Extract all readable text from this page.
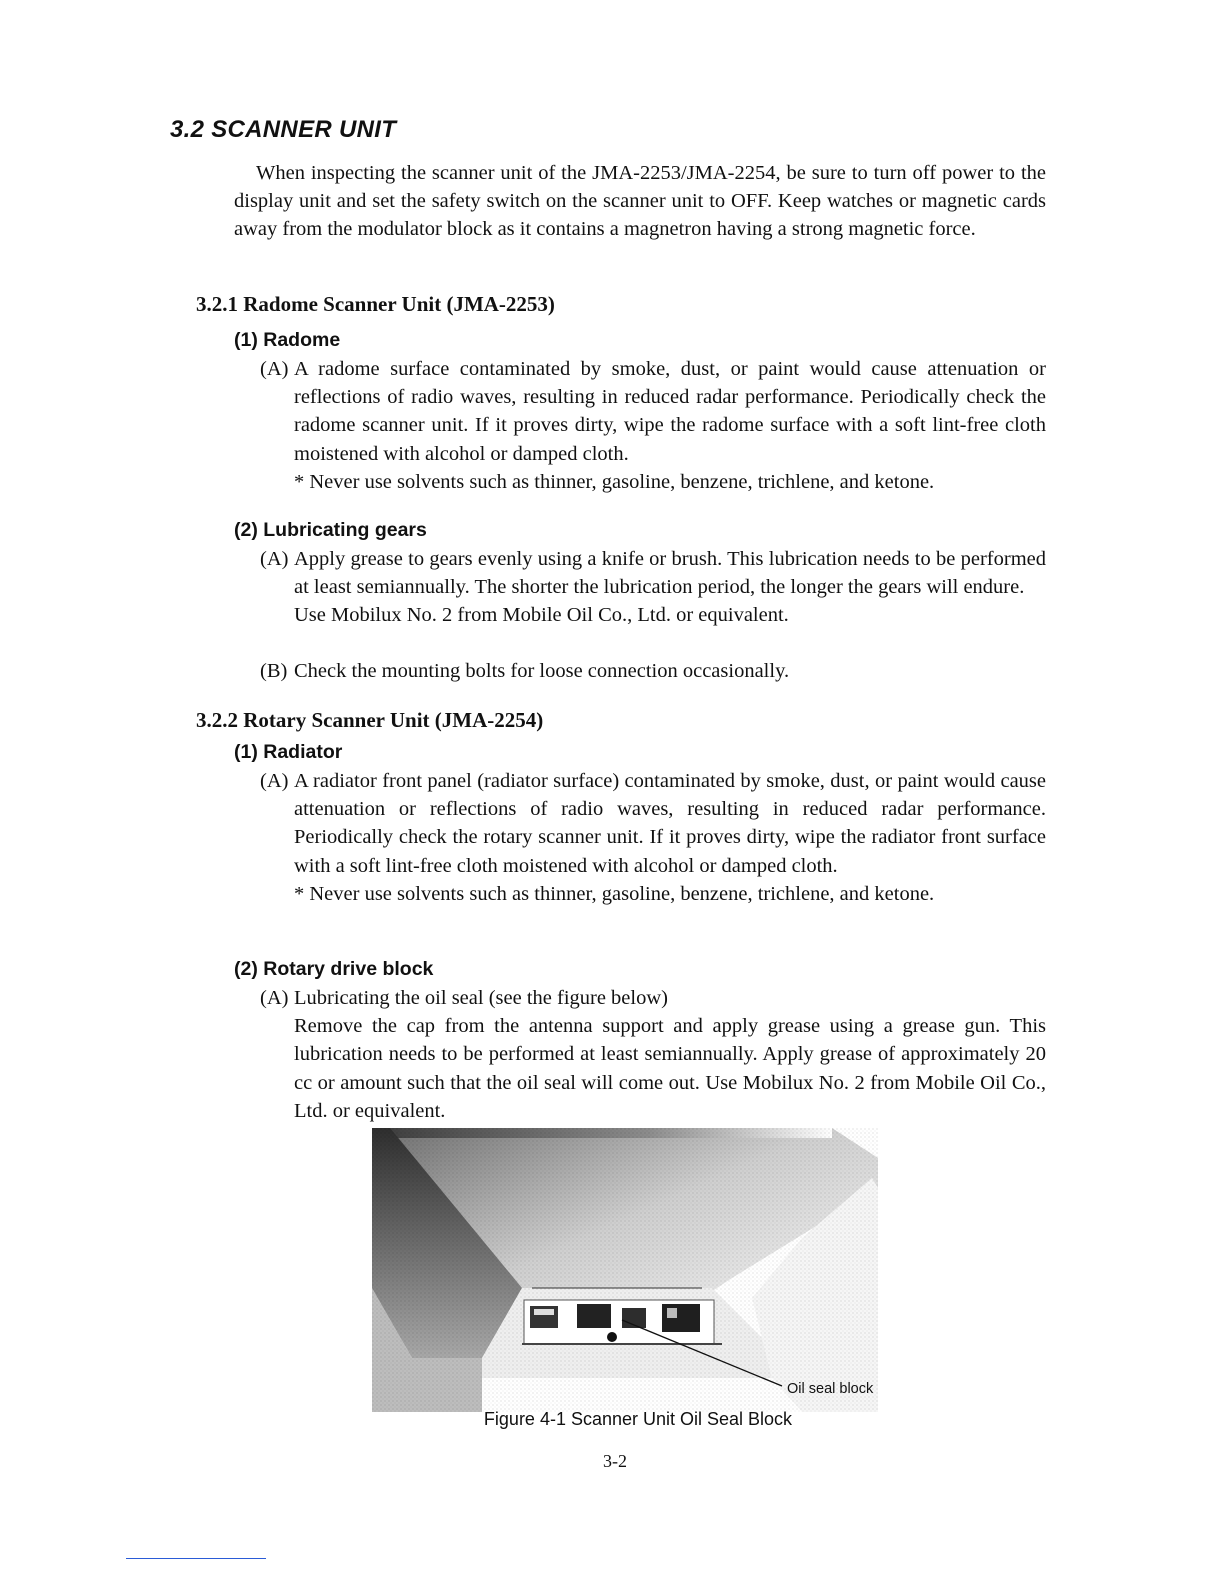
3.2 SCANNER UNIT

When inspecting the scanner unit of the JMA-2253/JMA-2254, be sure to turn off power to the display unit and set the safety switch on the scanner unit to OFF. Keep watches or magnetic cards away from the modulator block as it contains a magnetron having a strong magnetic force.

3.2.1 Radome Scanner Unit (JMA-2253)
(1) Radome
(A) A radome surface contaminated by smoke, dust, or paint would cause attenuation or reflections of radio waves, resulting in reduced radar performance. Periodically check the radome scanner unit. If it proves dirty, wipe the radome surface with a soft lint-free cloth moistened with alcohol or damped cloth.

* Never use solvents such as thinner, gasoline, benzene, trichlene, and ketone.

(2) Lubricating gears
(A) Apply grease to gears evenly using a knife or brush. This lubrication needs to be performed at least semiannually. The shorter the lubrication period, the longer the gears will endure.

Use Mobilux No. 2 from Mobile Oil Co., Ltd. or equivalent.

(B) Check the mounting bolts for loose connection occasionally.

3.2.2 Rotary Scanner Unit (JMA-2254)
(1) Radiator
(A) A radiator front panel (radiator surface) contaminated by smoke, dust, or paint would cause attenuation or reflections of radio waves, resulting in reduced radar performance. Periodically check the rotary scanner unit. If it proves dirty, wipe the radiator front surface with a soft lint-free cloth moistened with alcohol or damped cloth.

* Never use solvents such as thinner, gasoline, benzene, trichlene, and ketone.

(2) Rotary drive block
(A) Lubricating the oil seal (see the figure below)

Remove the cap from the antenna support and apply grease using a grease gun. This lubrication needs to be performed at least semiannually. Apply grease of approximately 20 cc or amount such that the oil seal will come out. Use Mobilux No. 2 from Mobile Oil Co., Ltd. or equivalent.

Oil seal block
Figure 4-1 Scanner Unit Oil Seal Block
3-2
